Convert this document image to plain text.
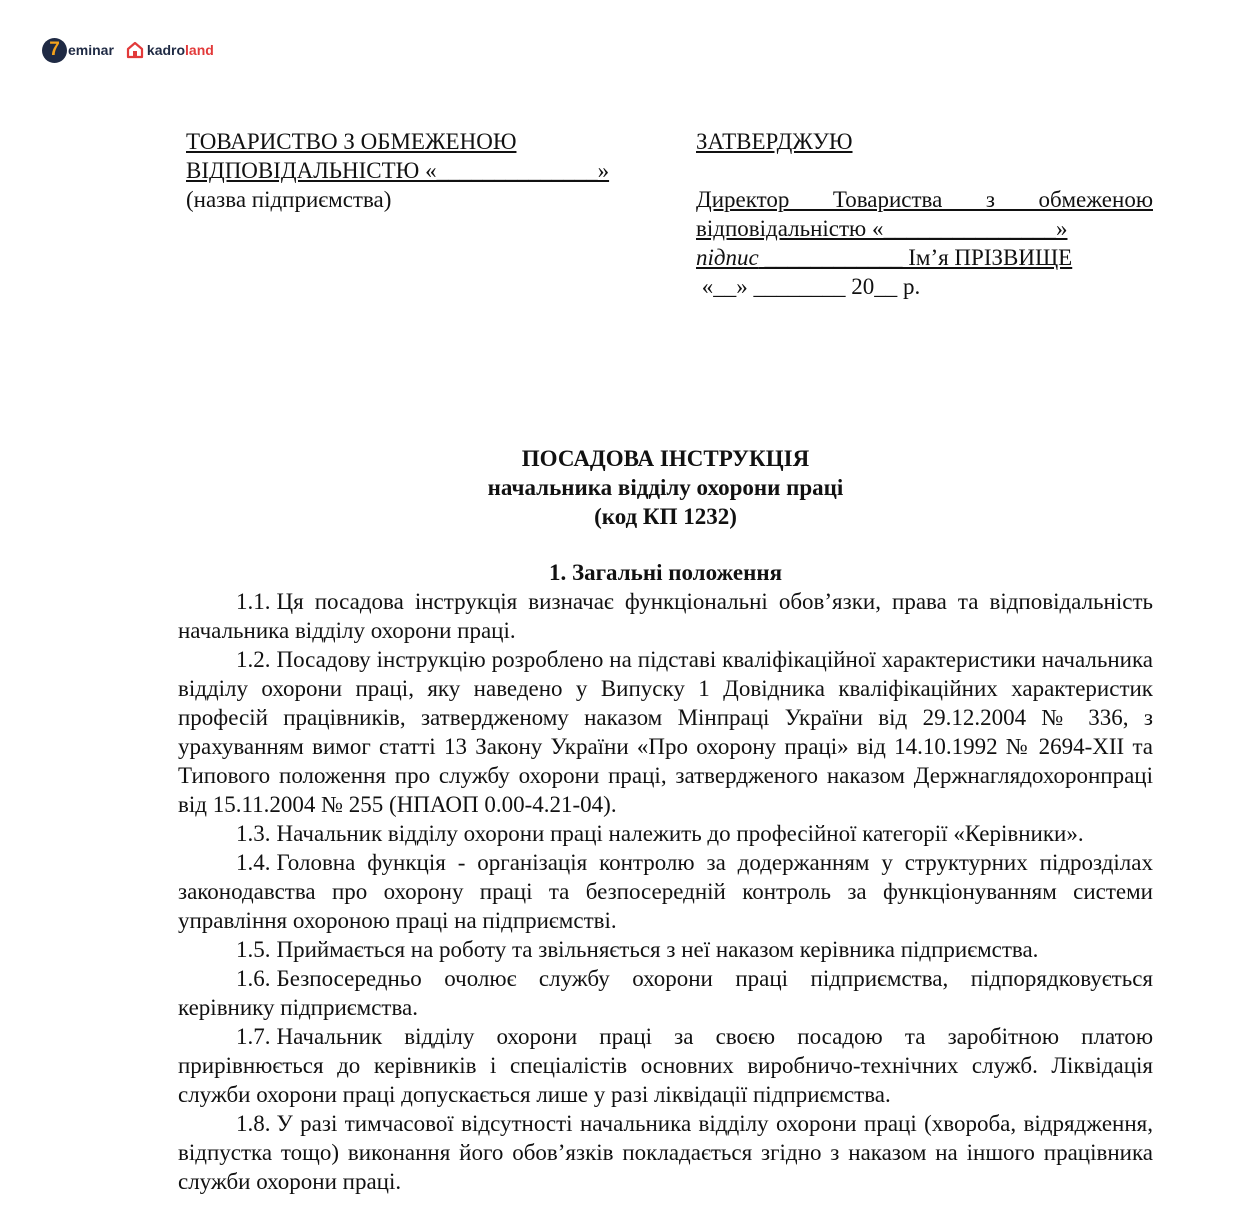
7 eminar kadroland
ТОВАРИСТВО З ОБМЕЖЕНОЮ
ВІДПОВІДАЛЬНІСТЮ «______________»
(назва підприємства)
ЗАТВЕРДЖУЮ
Директор Товариства з обмеженою
відповідальністю «_______________»
підпис ____________ Ім’я ПРІЗВИЩЕ
«__» ________ 20__ р.
ПОСАДОВА ІНСТРУКЦІЯ
начальника відділу охорони праці
(код КП 1232)
1. Загальні положення

1.1. Ця посадова інструкція визначає функціональні обов’язки, права та відповідальність начальника відділу охорони праці.

1.2. Посадову інструкцію розроблено на підставі кваліфікаційної характеристики начальника відділу охорони праці, яку наведено у Випуску 1 Довідника кваліфікаційних характеристик професій працівників, затвердженому наказом Мінпраці України від 29.12.2004 № 336, з урахуванням вимог статті 13 Закону України «Про охорону праці» від 14.10.1992 № 2694-XII та Типового положення про службу охорони праці, затвердженого наказом Держнаглядохоронпраці від 15.11.2004 № 255 (НПАОП 0.00-4.21-04).

1.3. Начальник відділу охорони праці належить до професійної категорії «Керівники».

1.4. Головна функція - організація контролю за додержанням у структурних підрозділах законодавства про охорону праці та безпосередній контроль за функціонуванням системи управління охороною праці на підприємстві.

1.5. Приймається на роботу та звільняється з неї наказом керівника підприємства.

1.6. Безпосередньо очолює службу охорони праці підприємства, підпорядковується керівнику підприємства.

1.7. Начальник відділу охорони праці за своєю посадою та заробітною платою прирівнюється до керівників і спеціалістів основних виробничо-технічних служб. Ліквідація служби охорони праці допускається лише у разі ліквідації підприємства.

1.8. У разі тимчасової відсутності начальника відділу охорони праці (хвороба, відрядження, відпустка тощо) виконання його обов’язків покладається згідно з наказом на іншого працівника служби охорони праці.
